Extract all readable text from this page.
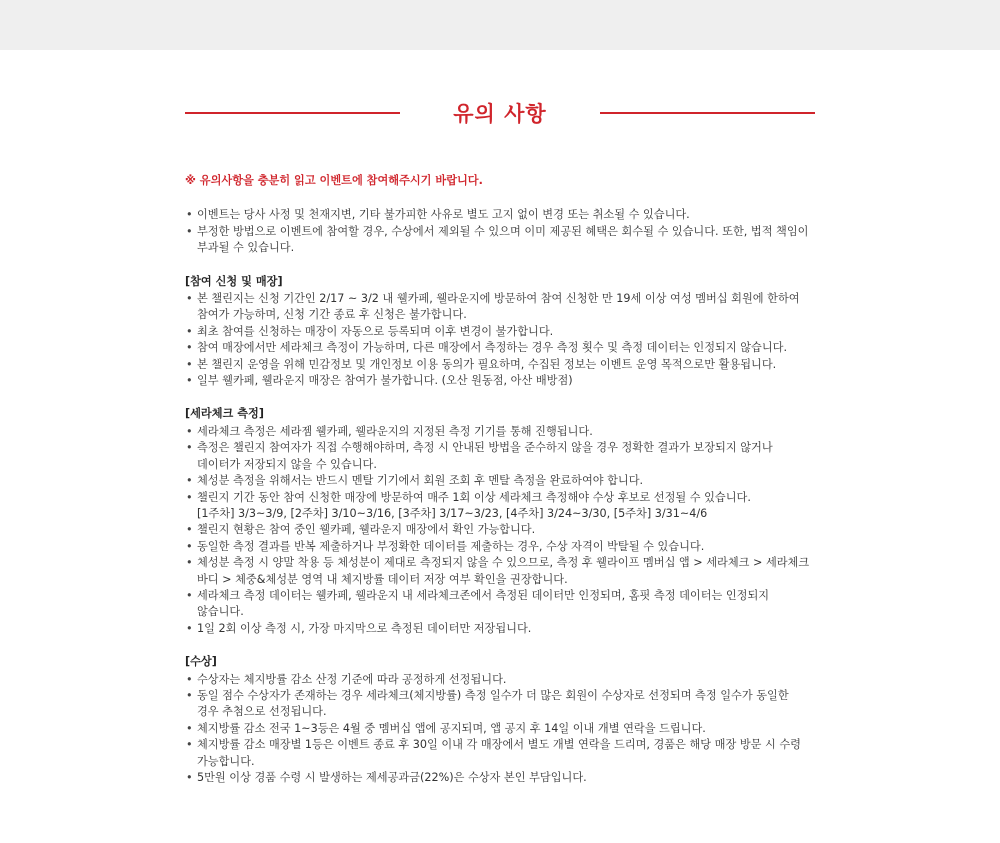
유의 사항
※ 유의사항을 충분히 읽고 이벤트에 참여해주시기 바랍니다.
• 이벤트는 당사 사정 및 천재지변, 기타 불가피한 사유로 별도 고지 없이 변경 또는 취소될 수 있습니다.
• 부정한 방법으로 이벤트에 참여할 경우, 수상에서 제외될 수 있으며 이미 제공된 혜택은 회수될 수 있습니다. 또한, 법적 책임이
부과될 수 있습니다.
[참여 신청 및 매장]
• 본 챌린지는 신청 기간인 2/17 ~ 3/2 내 웰카페, 웰라운지에 방문하여 참여 신청한 만 19세 이상 여성 멤버십 회원에 한하여
참여가 가능하며, 신청 기간 종료 후 신청은 불가합니다.
• 최초 참여를 신청하는 매장이 자동으로 등록되며 이후 변경이 불가합니다.
• 참여 매장에서만 세라체크 측정이 가능하며, 다른 매장에서 측정하는 경우 측정 횟수 및 측정 데이터는 인정되지 않습니다.
• 본 챌린지 운영을 위해 민감정보 및 개인정보 이용 동의가 필요하며, 수집된 정보는 이벤트 운영 목적으로만 활용됩니다.
• 일부 웰카페, 웰라운지 매장은 참여가 불가합니다. (오산 원동점, 아산 배방점)
[세라체크 측정]
• 세라체크 측정은 세라젬 웰카페, 웰라운지의 지정된 측정 기기를 통해 진행됩니다.
• 측정은 챌린지 참여자가 직접 수행해야하며, 측정 시 안내된 방법을 준수하지 않을 경우 정확한 결과가 보장되지 않거나
데이터가 저장되지 않을 수 있습니다.
• 체성분 측정을 위해서는 반드시 멘탈 기기에서 회원 조회 후 멘탈 측정을 완료하여야 합니다.
• 챌린지 기간 동안 참여 신청한 매장에 방문하여 매주 1회 이상 세라체크 측정해야 수상 후보로 선정될 수 있습니다.
[1주차] 3/3~3/9, [2주차] 3/10~3/16, [3주차] 3/17~3/23, [4주차] 3/24~3/30, [5주차] 3/31~4/6
• 챌린지 현황은 참여 중인 웰카페, 웰라운지 매장에서 확인 가능합니다.
• 동일한 측정 결과를 반복 제출하거나 부정확한 데이터를 제출하는 경우, 수상 자격이 박탈될 수 있습니다.
• 체성분 측정 시 양말 착용 등 체성분이 제대로 측정되지 않을 수 있으므로, 측정 후 웰라이프 멤버십 앱 > 세라체크 > 세라체크
바디 > 체중&체성분 영역 내 체지방률 데이터 저장 여부 확인을 권장합니다.
• 세라체크 측정 데이터는 웰카페, 웰라운지 내 세라체크존에서 측정된 데이터만 인정되며, 홈핏 측정 데이터는 인정되지
않습니다.
• 1일 2회 이상 측정 시, 가장 마지막으로 측정된 데이터만 저장됩니다.
[수상]
• 수상자는 체지방률 감소 산정 기준에 따라 공정하게 선정됩니다.
• 동일 점수 수상자가 존재하는 경우 세라체크(체지방률) 측정 일수가 더 많은 회원이 수상자로 선정되며 측정 일수가 동일한
경우 추첨으로 선정됩니다.
• 체지방률 감소 전국 1~3등은 4월 중 멤버십 앱에 공지되며, 앱 공지 후 14일 이내 개별 연락을 드립니다.
• 체지방률 감소 매장별 1등은 이벤트 종료 후 30일 이내 각 매장에서 별도 개별 연락을 드리며, 경품은 해당 매장 방문 시 수령
가능합니다.
• 5만원 이상 경품 수령 시 발생하는 제세공과금(22%)은 수상자 본인 부담입니다.
